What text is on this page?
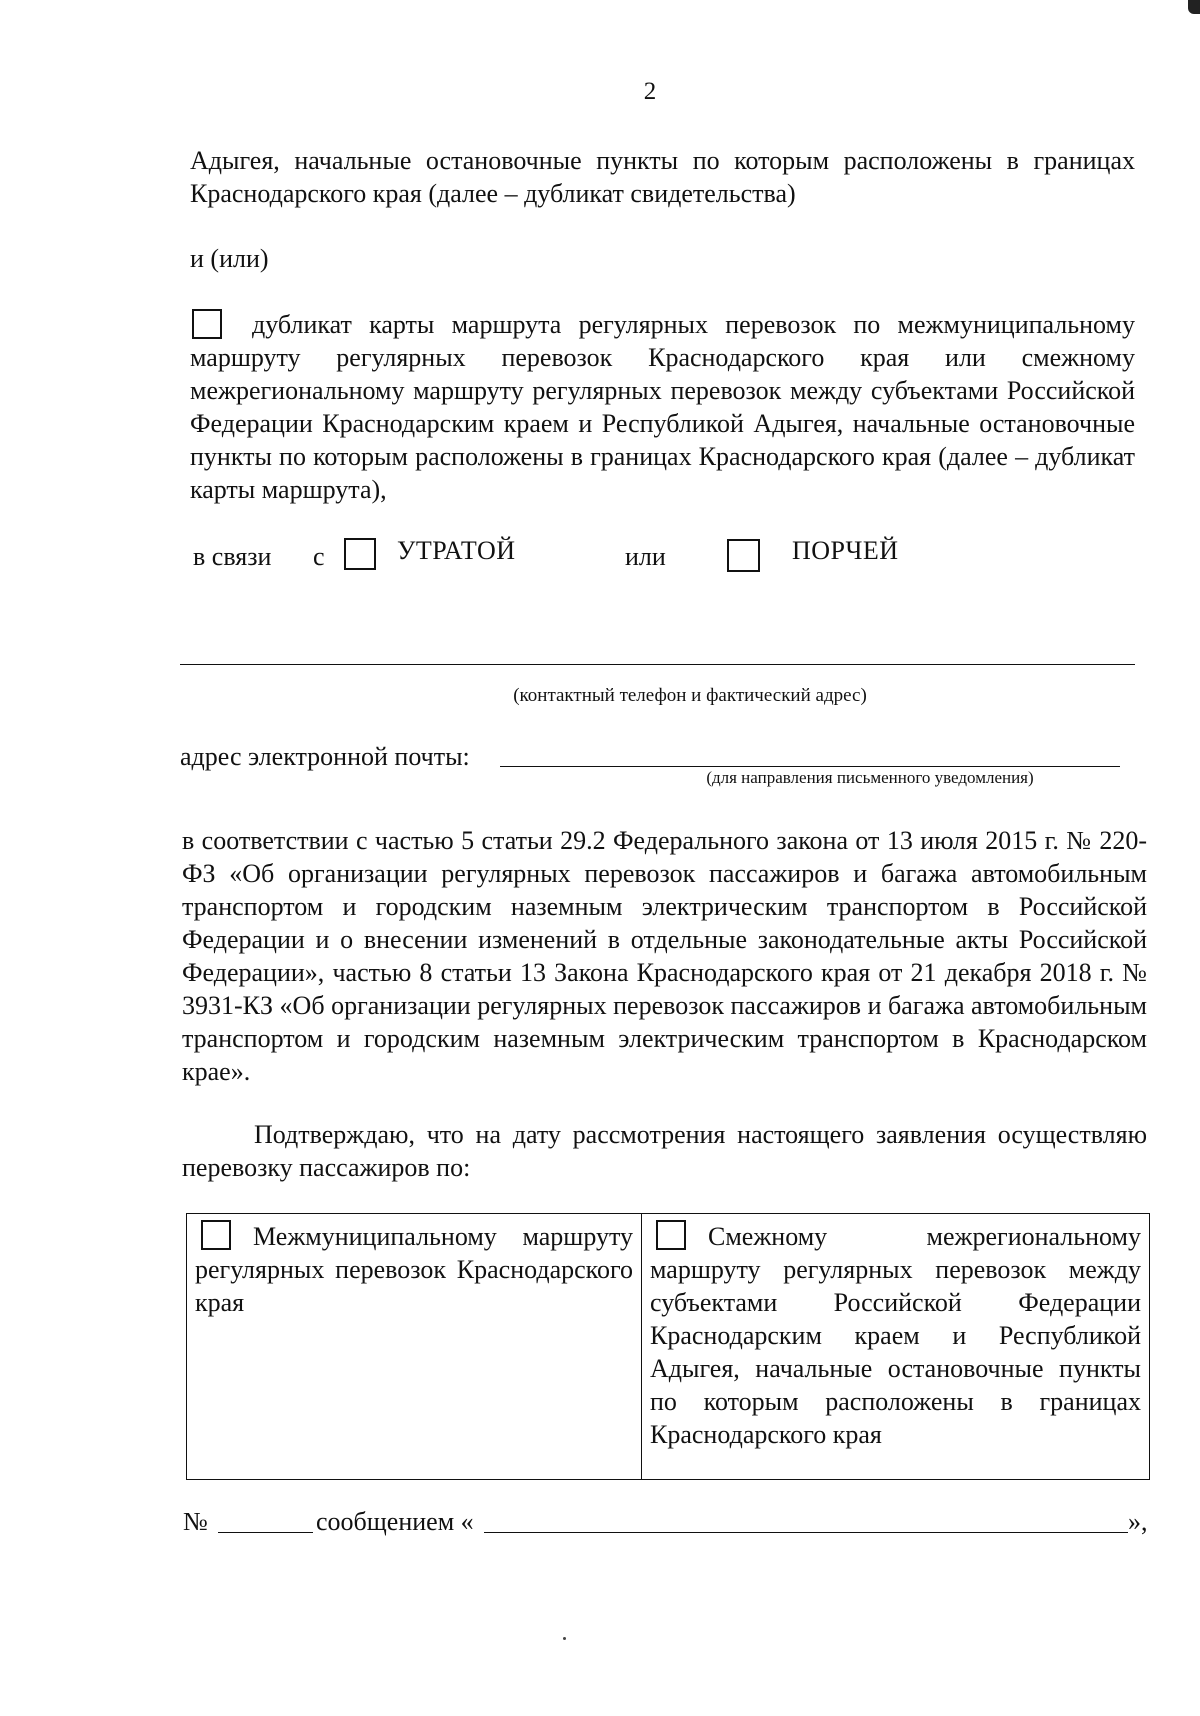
2
Адыгея, начальные остановочные пункты по которым расположены в границах
Краснодарского края (далее – дубликат свидетельства)
и (или)
дубликат карты маршрута регулярных перевозок по межмуниципальному маршруту регулярных перевозок Краснодарского края или смежному межрегиональному маршруту регулярных перевозок между субъектами Российской Федерации Краснодарским краем и Республикой Адыгея, начальные остановочные пункты по которым расположены в границах Краснодарского края (далее – дубликат карты маршрута),
в связи с	УТРАТОЙ	или	ПОРЧЕЙ
(контактный телефон и фактический адрес)
адрес электронной почты:
(для направления письменного уведомления)
в соответствии с частью 5 статьи 29.2 Федерального закона от 13 июля 2015 г. № 220-ФЗ «Об организации регулярных перевозок пассажиров и багажа автомобильным транспортом и городским наземным электрическим транспортом в Российской Федерации и о внесении изменений в отдельные законодательные акты Российской Федерации», частью 8 статьи 13 Закона Краснодарского края от 21 декабря 2018 г. № 3931-КЗ «Об организации регулярных перевозок пассажиров и багажа автомобильным транспортом и городским наземным электрическим транспортом в Краснодарском крае».
Подтверждаю, что на дату рассмотрения настоящего заявления осуществляю перевозку пассажиров по:
Межмуниципальному маршруту регулярных перевозок Краснодарского края	Смежному межрегиональному маршруту регулярных перевозок между субъектами Российской Федерации Краснодарским краем и Республикой Адыгея, начальные остановочные пункты по которым расположены в границах Краснодарского края
№	сообщением «	»,
